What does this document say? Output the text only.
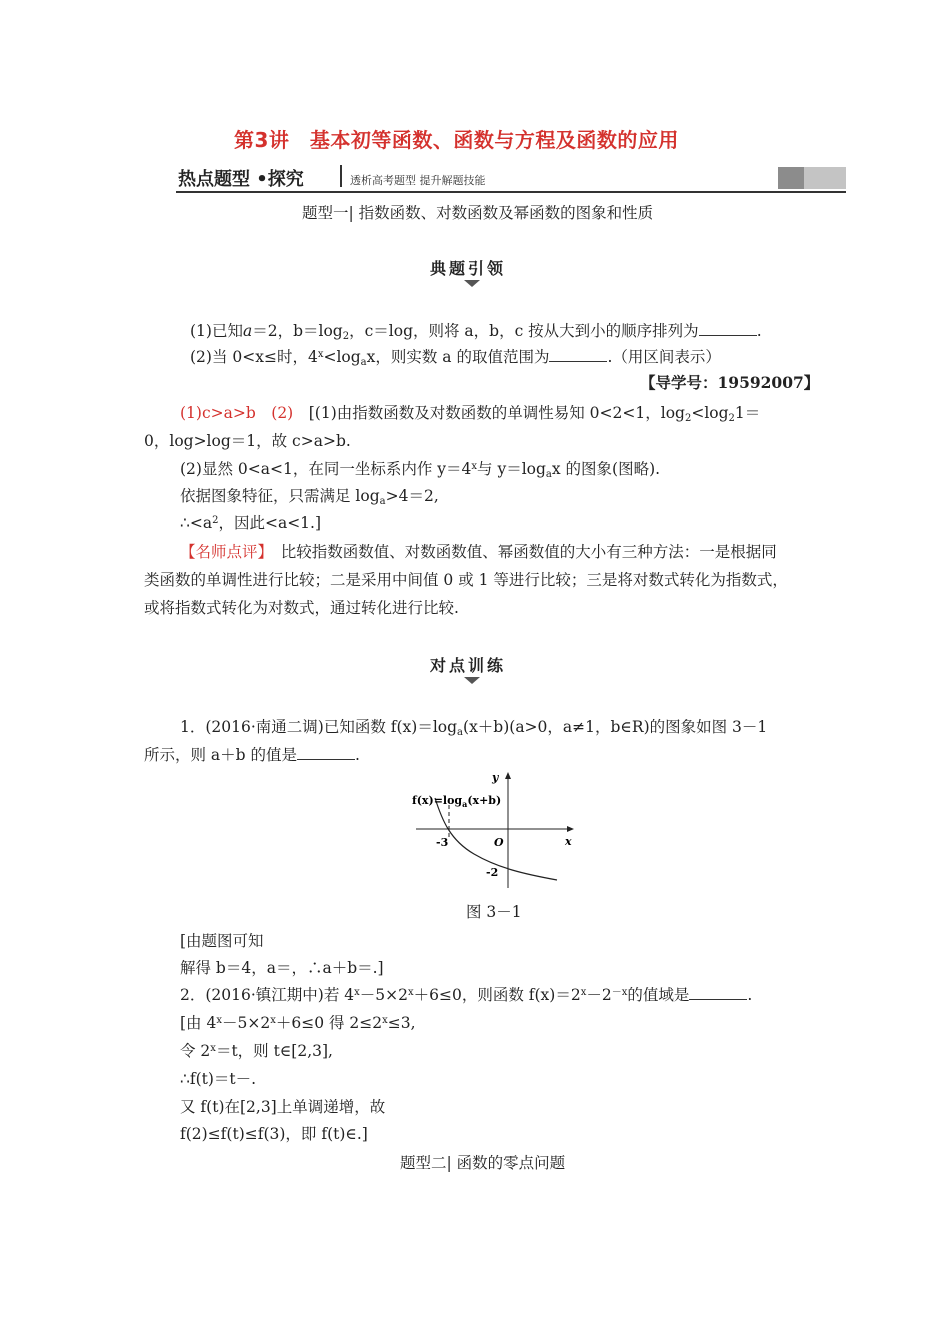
第3讲　基本初等函数、函数与方程及函数的应用
热点题型 •探究	透析高考题型 提升解题技能
题型一| 指数函数、对数函数及幂函数的图象和性质
典题引领
(1)已知a＝2，$b=\log_2$，c＝log，则将 a，b，c 按从大到小的顺序排列为	.
(2)当 0<x≤时，$4^x<\log_ax$，则实数 a 的取值范围为	.（用区间表示）
【导学号：19592007】
(1)c>a>b　(2)　 [(1)由指数函数及对数函数的单调性易知 0<2<1，$\log_2<\log_21=$
0，log>log＝1，故 c>a>b.
(2)显然 0<a<1，在同一坐标系内作 $y=4^x$与 $y=\log_ax$ 的图象(图略).
依据图象特征，只需满足 $\log_a>4=2$,
$\therefore<a^2$，因此<a<1.]
【名师点评】　 比较指数函数值、对数函数值、幂函数值的大小有三种方法：一是根据同
类函数的单调性进行比较；二是采用中间值 0 或 1 等进行比较；三是将对数式转化为指数式，
或将指数式转化为对数式，通过转化进行比较.
对点训练
1．(2016·南通二调)已知函数 $f(x)=\log_a(x+b)(a>0$，a≠1，b∈R)的图象如图 3－1
所示，则 a＋b 的值是	.
$f(x)=\log_a(x+b)$
-3	O
-2
x
y
图 3－1
[由题图可知
解得 b＝4，a＝，∴a＋b＝.]
2．(2016·镇江期中)若 $4^x-5\times 2^x+6\le 0$，则函数 $f(x)=2^x-2^{-x}$的值域是	.
[由 $4^x-5\times 2^x+6\le 0$ 得 $2\le 2^x\le 3$,
令 $2^x=t$，则 t∈[2,3],
∴f(t)＝t－.
又 f(t)在[2,3]上单调递增，故
f(2)≤f(t)≤f(3)，即 f(t)∈.]
题型二| 函数的零点问题
